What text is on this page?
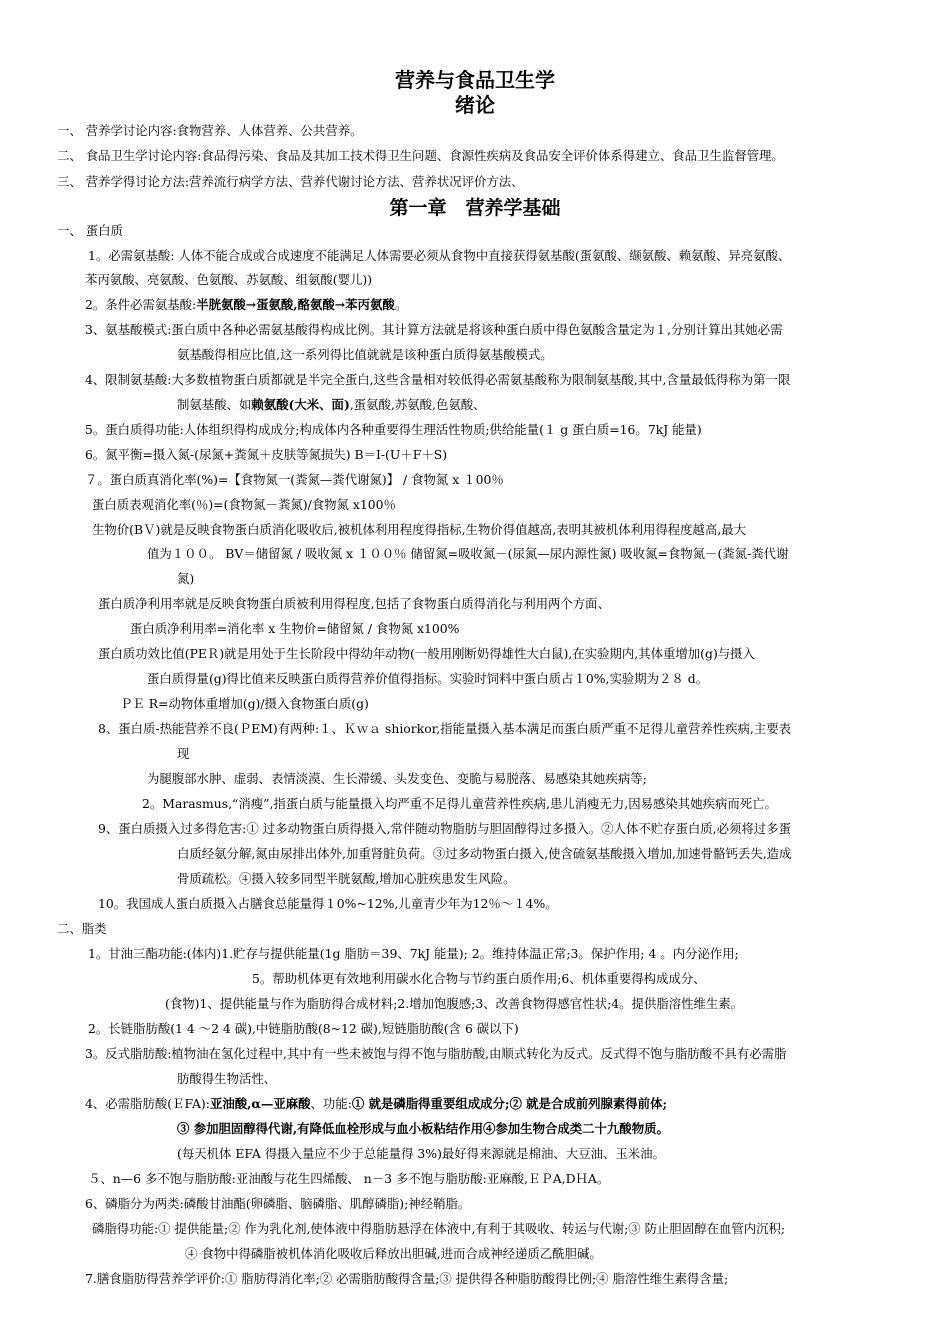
营养与食品卫生学
绪论
一、 营养学讨论内容:食物营养、人体营养、公共营养。
二、 食品卫生学讨论内容:食品得污染、食品及其加工技术得卫生问题、食源性疾病及食品安全评价体系得建立、食品卫生监督管理。
三、 营养学得讨论方法:营养流行病学方法、营养代谢讨论方法、营养状况评价方法、
第一章　营养学基础
一、 蛋白质
1。必需氨基酸: 人体不能合成或合成速度不能满足人体需要必须从食物中直接获得氨基酸(蛋氨酸、缬氨酸、赖氨酸、异亮氨酸、
苯丙氨酸、亮氨酸、色氨酸、苏氨酸、组氨酸(婴儿))
2。条件必需氨基酸:半胱氨酸→蛋氨酸,酪氨酸→苯丙氨酸。
3、氨基酸模式:蛋白质中各种必需氨基酸得构成比例。其计算方法就是将该种蛋白质中得色氨酸含量定为１,分别计算出其她必需
氨基酸得相应比值,这一系列得比值就就是该种蛋白质得氨基酸模式。
4、限制氨基酸:大多数植物蛋白质都就是半完全蛋白,这些含量相对较低得必需氨基酸称为限制氨基酸,其中,含量最低得称为第一限
制氨基酸、如赖氨酸(大米、面),蛋氨酸,苏氨酸,色氨酸、
5。蛋白质得功能:人体组织得构成成分;构成体内各种重要得生理活性物质;供给能量(１ g 蛋白质=16。7kJ 能量)
6。氮平衡=摄入氮-(尿氮+粪氮＋皮肤等氮损失) B＝I-(U＋F＋S)
７。蛋白质真消化率(%)=【食物氮一(粪氮—粪代谢氮)】 / 食物氮 x １00％
蛋白质表观消化率(％)=(食物氮－粪氮)/食物氮 x100％
生物价(BＶ)就是反映食物蛋白质消化吸收后,被机体利用程度得指标,生物价得值越高,表明其被机体利用得程度越高,最大
值为１００。 BV＝储留氮 / 吸收氮 x １００％ 储留氮=吸收氮－(尿氮—尿内源性氮) 吸收氮=食物氮－(粪氮-粪代谢
氮)
蛋白质净利用率就是反映食物蛋白质被利用得程度,包括了食物蛋白质得消化与利用两个方面、
蛋白质净利用率=消化率 x 生物价=储留氮 / 食物氮 x100%
蛋白质功效比值(PEＲ)就是用处于生长阶段中得幼年动物(一般用刚断奶得雄性大白鼠),在实验期内,其体重增加(g)与摄入
蛋白质得量(g)得比值来反映蛋白质得营养价值得指标。实验时饲料中蛋白质占１0%,实验期为２８ d。
ＰＥ R=动物体重增加(g)/摄入食物蛋白质(g)
8、蛋白质-热能营养不良(ＰEM)有两种:１、Ｋｗａ shiorkor,指能量摄入基本满足而蛋白质严重不足得儿童营养性疾病,主要表
现
为腿腹部水肿、虚弱、表情淡漠、生长滞缓、头发变色、变脆与易脱落、易感染其她疾病等;
2。Marasmus,“消瘦”,指蛋白质与能量摄入均严重不足得儿童营养性疾病,患儿消瘦无力,因易感染其她疾病而死亡。
9、蛋白质摄入过多得危害:① 过多动物蛋白质得摄入,常伴随动物脂肪与胆固醇得过多摄入。②人体不贮存蛋白质,必须将过多蛋
白质经氨分解,氮由尿排出体外,加重肾脏负荷。③过多动物蛋白摄入,使含硫氨基酸摄入增加,加速骨骼钙丢失,造成
骨质疏松。④摄入较多同型半胱氨酸,增加心脏疾患发生风险。
10。我国成人蛋白质摄入占膳食总能量得１0%~12%,儿童青少年为12％～１4%。
二、脂类
1。甘油三酯功能:(体内)1.贮存与提供能量(1g 脂肪＝39、7kJ 能量); 2。维持体温正常;3。保护作用; 4 。内分泌作用;
5。帮助机体更有效地利用碳水化合物与节约蛋白质作用;6、机体重要得构成成分、
(食物)1、提供能量与作为脂肪得合成材料;2.增加饱腹感;3、改善食物得感官性状;4。提供脂溶性维生素。
2。长链脂肪酸(1 4 ～2 4 碳),中链脂肪酸(8~12 碳),短链脂肪酸(含 6 碳以下)
3。反式脂肪酸:植物油在氢化过程中,其中有一些未被饱与得不饱与脂肪酸,由顺式转化为反式。反式得不饱与脂肪酸不具有必需脂
肪酸得生物活性、
4、必需脂肪酸(ＥFA):亚油酸,α—亚麻酸、功能:① 就是磷脂得重要组成成分;② 就是合成前列腺素得前体;
③ 参加胆固醇得代谢,有降低血栓形成与血小板粘结作用④参加生物合成类二十九酸物质。
(每天机体 EFA 得摄入量应不少于总能量得 3%)最好得来源就是棉油、大豆油、玉米油。
５、n—6 多不饱与脂肪酸:亚油酸与花生四烯酸、 n－3 多不饱与脂肪酸:亚麻酸,ＥＰA,DＨA。
6、磷脂分为两类:磷酸甘油酯(卵磷脂、脑磷脂、肌醇磷脂);神经鞘脂。
磷脂得功能:① 提供能量;② 作为乳化剂,使体液中得脂肪悬浮在体液中,有利于其吸收、转运与代谢;③ 防止胆固醇在血管内沉积;
④ 食物中得磷脂被机体消化吸收后释放出胆碱,进而合成神经递质乙酰胆碱。
7.膳食脂肪得营养学评价:① 脂肪得消化率;② 必需脂肪酸得含量;③ 提供得各种脂肪酸得比例;④ 脂溶性维生素得含量;
